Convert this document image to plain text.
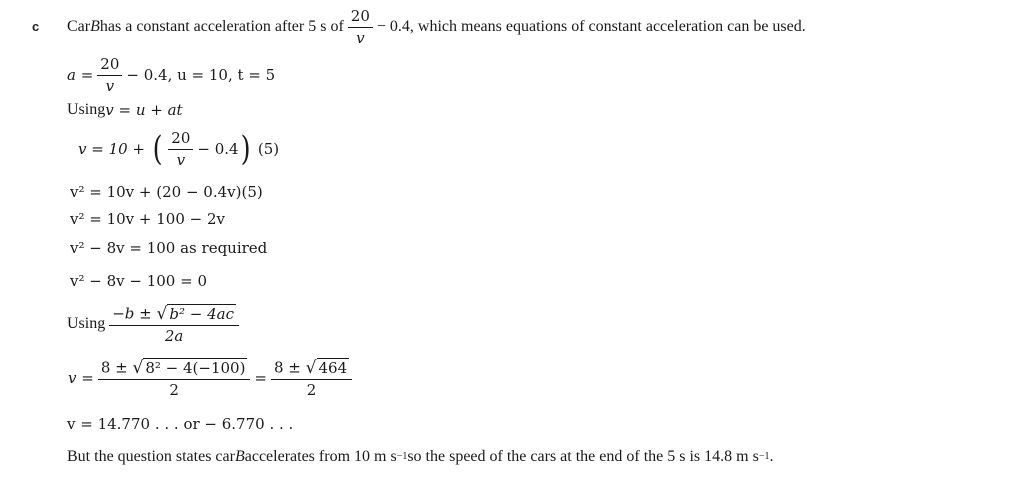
c Car B has a constant acceleration after 5 s of $\frac{20}{v} - 0.4$, which means equations of constant acceleration can be used.
$a = \frac{20}{v} - 0.4$, u = 10, t = 5
Using v = u + at
v = 10 + ( $\frac{20}{v} - 0.4$ ) (5)
v² = 10v + (20 − 0.4v)(5)
v² = 10v + 100 − 2v
v² − 8v = 100 as required
v² − 8v − 100 = 0
Using $\frac{\text{−b ± √ b² − 4ac}}{2a}$
$v = \frac{\text{8 ± √ 8² − 4(−100)}}{2} = \frac{8 \pm √ 464}{2}$
v = 14.770 . . . or − 6.770 . . .
But the question states car B accelerates from 10 m s −1 so the speed of the cars at the end of the 5 s is 14.8 m s −1 .
